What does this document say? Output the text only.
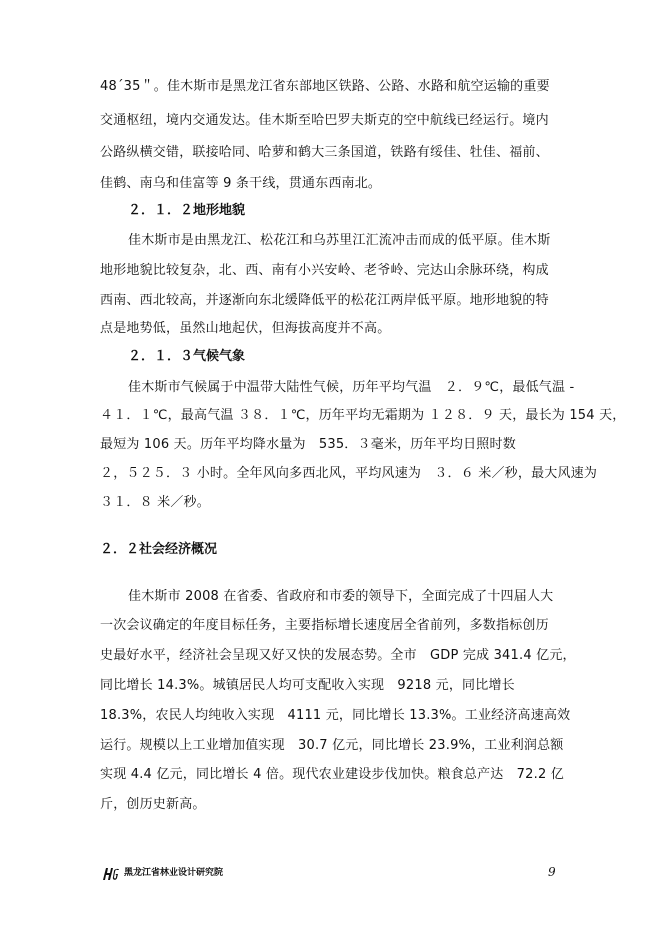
48ˊ35＂。佳木斯市是黑龙江省东部地区铁路、公路、水路和航空运输的重要
交通枢纽，境内交通发达。佳木斯至哈巴罗夫斯克的空中航线已经运行。境内
公路纵横交错，联接哈同、哈萝和鹤大三条国道，铁路有绥佳、牡佳、福前、
佳鹤、南乌和佳富等 9 条干线，贯通东西南北。
２．１．２地形地貌
佳木斯市是由黑龙江、松花江和乌苏里江汇流冲击而成的低平原。佳木斯
地形地貌比较复杂，北、西、南有小兴安岭、老爷岭、完达山余脉环绕，构成
西南、西北较高，并逐渐向东北缓降低平的松花江两岸低平原。地形地貌的特
点是地势低，虽然山地起伏，但海拔高度并不高。
２．１．３气候气象
佳木斯市气候属于中温带大陆性气候，历年平均气温　２．９℃，最低气温 -
４１．１℃，最高气温 ３８．１℃，历年平均无霜期为 １２８．９ 天，最长为 154 天，
最短为 106 天。历年平均降水量为　535．３毫米，历年平均日照时数
２，５２５．３ 小时。全年风向多西北风，平均风速为　３．６ 米／秒，最大风速为
３１．８ 米／秒。
２．２社会经济概况
佳木斯市 2008 在省委、省政府和市委的领导下，全面完成了十四届人大
一次会议确定的年度目标任务，主要指标增长速度居全省前列，多数指标创历
史最好水平，经济社会呈现又好又快的发展态势。全市　GDP 完成 341.4 亿元，
同比增长 14.3%。城镇居民人均可支配收入实现　9218 元，同比增长
18.3%，农民人均纯收入实现　4111 元，同比增长 13.3%。工业经济高速高效
运行。规模以上工业增加值实现　30.7 亿元，同比增长 23.9%，工业利润总额
实现 4.4 亿元，同比增长 4 倍。现代农业建设步伐加快。粮食总产达　72.2 亿
斤，创历史新高。
黑龙江省林业设计研究院	9
